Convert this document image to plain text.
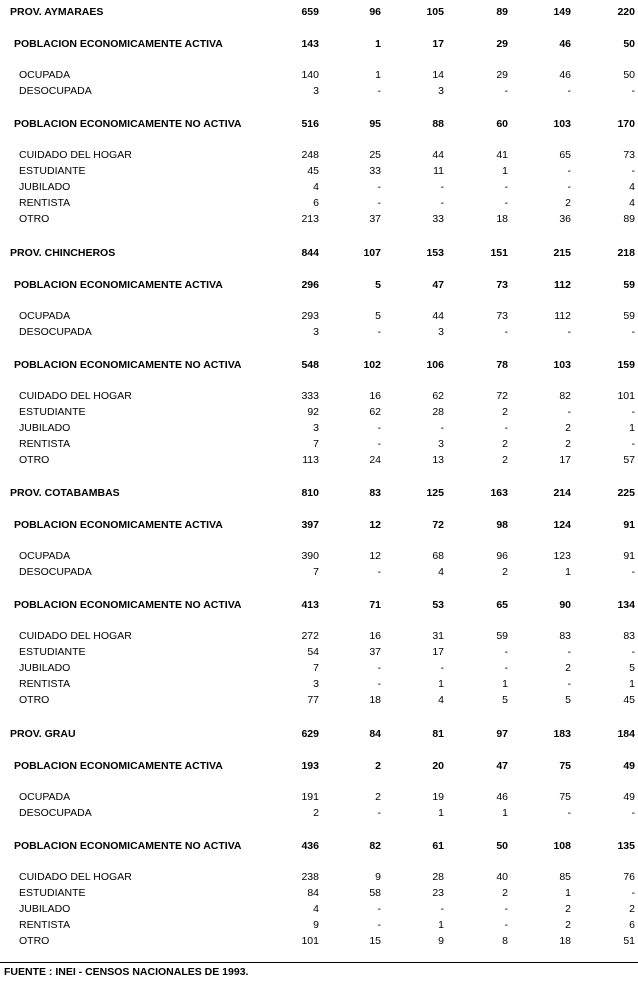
PROV. AYMARAES	659	96	105	89	149	220
POBLACION ECONOMICAMENTE ACTIVA	143	1	17	29	46	50
OCUPADA	140	1	14	29	46	50
DESOCUPADA	3	-	3	-	-	-
POBLACION ECONOMICAMENTE NO ACTIVA	516	95	88	60	103	170
CUIDADO DEL HOGAR	248	25	44	41	65	73
ESTUDIANTE	45	33	11	1	-	-
JUBILADO	4	-	-	-	-	4
RENTISTA	6	-	-	-	2	4
OTRO	213	37	33	18	36	89
PROV. CHINCHEROS	844	107	153	151	215	218
POBLACION ECONOMICAMENTE ACTIVA	296	5	47	73	112	59
OCUPADA	293	5	44	73	112	59
DESOCUPADA	3	-	3	-	-	-
POBLACION ECONOMICAMENTE NO ACTIVA	548	102	106	78	103	159
CUIDADO DEL HOGAR	333	16	62	72	82	101
ESTUDIANTE	92	62	28	2	-	-
JUBILADO	3	-	-	-	2	1
RENTISTA	7	-	3	2	2	-
OTRO	113	24	13	2	17	57
PROV. COTABAMBAS	810	83	125	163	214	225
POBLACION ECONOMICAMENTE ACTIVA	397	12	72	98	124	91
OCUPADA	390	12	68	96	123	91
DESOCUPADA	7	-	4	2	1	-
POBLACION ECONOMICAMENTE NO ACTIVA	413	71	53	65	90	134
CUIDADO DEL HOGAR	272	16	31	59	83	83
ESTUDIANTE	54	37	17	-	-	-
JUBILADO	7	-	-	-	2	5
RENTISTA	3	-	1	1	-	1
OTRO	77	18	4	5	5	45
PROV. GRAU	629	84	81	97	183	184
POBLACION ECONOMICAMENTE ACTIVA	193	2	20	47	75	49
OCUPADA	191	2	19	46	75	49
DESOCUPADA	2	-	1	1	-	-
POBLACION ECONOMICAMENTE NO ACTIVA	436	82	61	50	108	135
CUIDADO DEL HOGAR	238	9	28	40	85	76
ESTUDIANTE	84	58	23	2	1	-
JUBILADO	4	-	-	-	2	2
RENTISTA	9	-	1	-	2	6
OTRO	101	15	9	8	18	51
FUENTE : INEI - CENSOS NACIONALES DE 1993.
